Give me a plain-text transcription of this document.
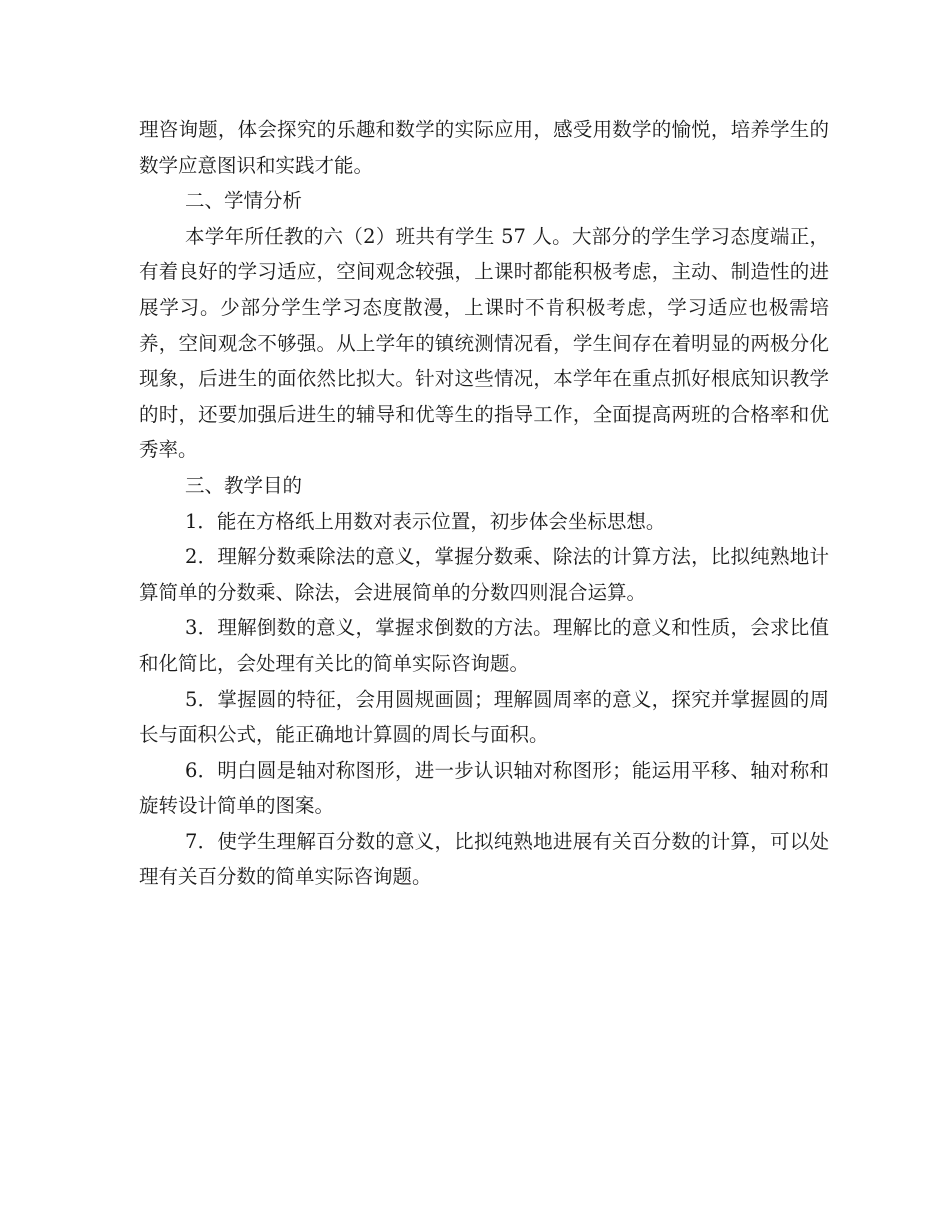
理咨询题，体会探究的乐趣和数学的实际应用，感受用数学的愉悦，培养学生的数学应意图识和实践才能。

二、学情分析

本学年所任教的六（2）班共有学生 57 人。大部分的学生学习态度端正，有着良好的学习适应，空间观念较强，上课时都能积极考虑，主动、制造性的进展学习。少部分学生学习态度散漫，上课时不肯积极考虑，学习适应也极需培养，空间观念不够强。从上学年的镇统测情况看，学生间存在着明显的两极分化现象，后进生的面依然比拟大。针对这些情况，本学年在重点抓好根底知识教学的时，还要加强后进生的辅导和优等生的指导工作，全面提高两班的合格率和优秀率。

三、教学目的

1．能在方格纸上用数对表示位置，初步体会坐标思想。

2．理解分数乘除法的意义，掌握分数乘、除法的计算方法，比拟纯熟地计算简单的分数乘、除法，会进展简单的分数四则混合运算。

3．理解倒数的意义，掌握求倒数的方法。理解比的意义和性质，会求比值和化简比，会处理有关比的简单实际咨询题。

5．掌握圆的特征，会用圆规画圆；理解圆周率的意义，探究并掌握圆的周长与面积公式，能正确地计算圆的周长与面积。

6．明白圆是轴对称图形，进一步认识轴对称图形；能运用平移、轴对称和旋转设计简单的图案。

7．使学生理解百分数的意义，比拟纯熟地进展有关百分数的计算，可以处理有关百分数的简单实际咨询题。
